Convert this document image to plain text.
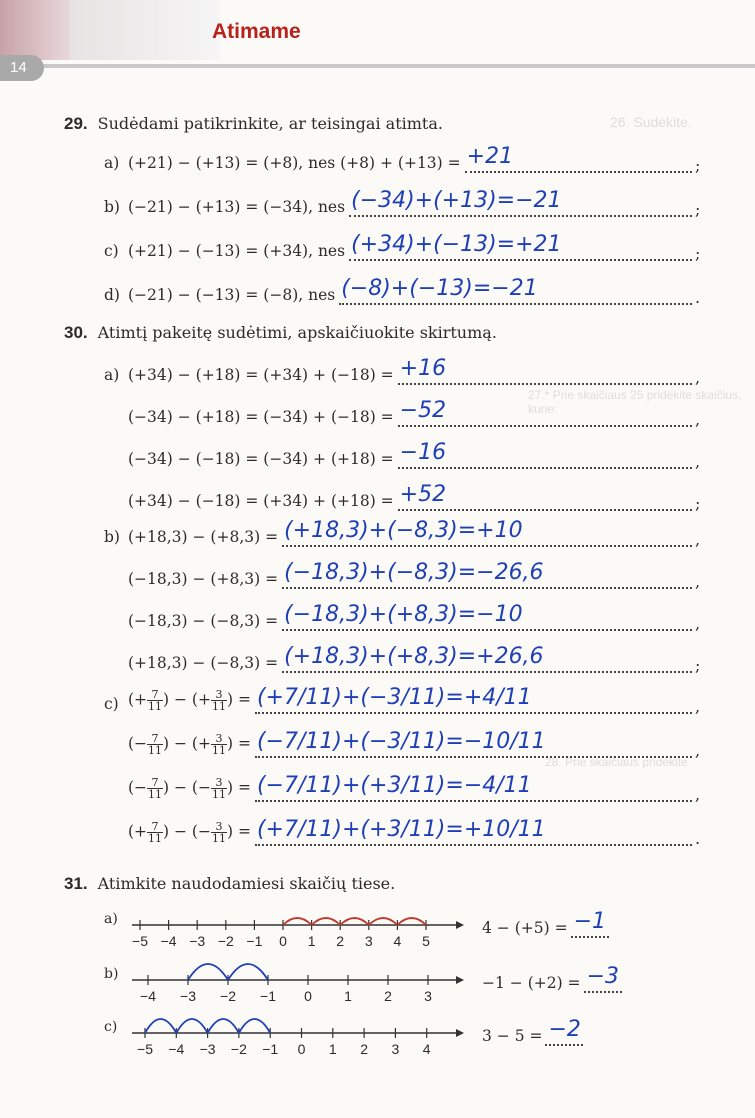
Atimame
14
26. Sudėkite.
27.* Prie skaičiaus 25 pridėkite skaičius, kurie:
28. Prie skaičiaus pridėkite
29. Sudėdami patikrinkite, ar teisingai atimta.
a) (+21) − (+13) = (+8), nes (+8) + (+13) =	;
+21
b) (−21) − (+13) = (−34), nes	;
(−34)+(+13)=−21
c) (+21) − (−13) = (+34), nes	;
(+34)+(−13)=+21
d) (−21) − (−13) = (−8), nes	.
(−8)+(−13)=−21
30. Atimtį pakeitę sudėtimi, apskaičiuokite skirtumą.
a) (+34) − (+18) = (+34) + (−18) =	,
+16
(−34) − (+18) = (−34) + (−18) =	,
−52
(−34) − (−18) = (−34) + (+18) =	,
−16
(+34) − (−18) = (+34) + (+18) =	;
+52
b) (+18,3) − (+8,3) =	,
(+18,3)+(−8,3)=+10
(−18,3) − (+8,3) =	,
(−18,3)+(−8,3)=−26,6
(−18,3) − (−8,3) =	,
(−18,3)+(+8,3)=−10
(+18,3) − (−8,3) =	;
(+18,3)+(+8,3)=+26,6
c) (+ $\frac{7}{11}$ ) − (+ $\frac{3}{11}$ ) =	,
(+7/11)+(−3/11)=+4/11
(− $\frac{7}{11}$ ) − (+ $\frac{3}{11}$ ) =	,
(−7/11)+(−3/11)=−10/11
(− $\frac{7}{11}$ ) − (− $\frac{3}{11}$ ) =	,
(−7/11)+(+3/11)=−4/11
(+ $\frac{7}{11}$ ) − (− $\frac{3}{11}$ ) =	.
(+7/11)+(+3/11)=+10/11
31. Atimkite naudodamiesi skaičių tiese.
a)
−5 −4 −3 −2 −1 0 1 2 3 4 5
4 − (+5) = −1
b)
−4 −3 −2 −1 0 1 2 3
−1 − (+2) = −3
c)
−5 −4 −3 −2 −1 0 1 2 3 4
3 − 5 = −2
